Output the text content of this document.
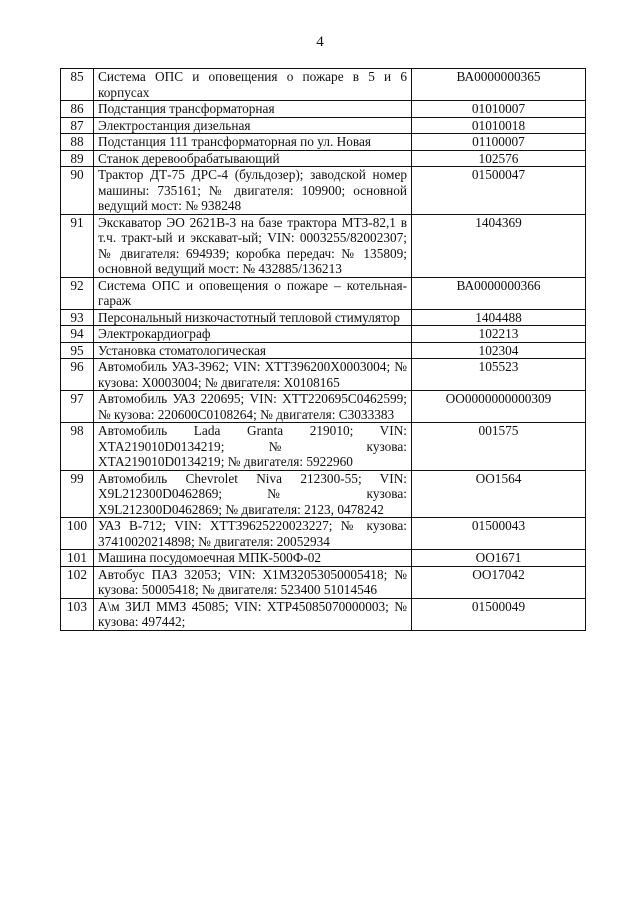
4
85	Система ОПС и оповещения о пожаре в 5 и 6 корпусах	ВА0000000365
86	Подстанция трансформаторная	01010007
87	Электростанция дизельная	01010018
88	Подстанция 111 трансформаторная по ул. Новая	01100007
89	Станок деревообрабатывающий	102576
90	Трактор ДТ-75 ДРС-4 (бульдозер); заводской номер машины: 735161; № двигателя: 109900; основной ведущий мост: № 938248	01500047
91	Экскаватор ЭО 2621В-3 на базе трактора МТЗ-82,1 в т.ч. тракт-ый и экскават-ый; VIN: 0003255/82002307; № двигателя: 694939; коробка передач: № 135809; основной ведущий мост: № 432885/136213	1404369
92	Система ОПС и оповещения о пожаре – котельная-гараж	ВА0000000366
93	Персональный низкочастотный тепловой стимулятор	1404488
94	Электрокардиограф	102213
95	Установка стоматологическая	102304
96	Автомобиль УАЗ-3962; VIN: ХТТ396200Х0003004; № кузова: Х0003004; № двигателя: Х0108165	105523
97	Автомобиль УАЗ 220695; VIN: ХТТ220695С0462599; № кузова: 220600С0108264; № двигателя: С3033383	ОО0000000000309
98	Автомобиль Lada Granta 219010; VIN: ХТА219010D0134219; № кузова: ХТА219010D0134219; № двигателя: 5922960	001575
99	Автомобиль Chevrolet Niva 212300-55; VIN: X9L212300D0462869; № кузова: X9L212300D0462869; № двигателя: 2123, 0478242	ОО1564
100	УАЗ В-712; VIN: ХТТ39625220023227; № кузова: 37410020214898; № двигателя: 20052934	01500043
101	Машина посудомоечная МПК-500Ф-02	ОО1671
102	Автобус ПАЗ 32053; VIN: Х1М32053050005418; № кузова: 50005418; № двигателя: 523400 51014546	ОО17042
103	А\м ЗИЛ ММЗ 45085; VIN: ХТР45085070000003; № кузова: 497442;	01500049
